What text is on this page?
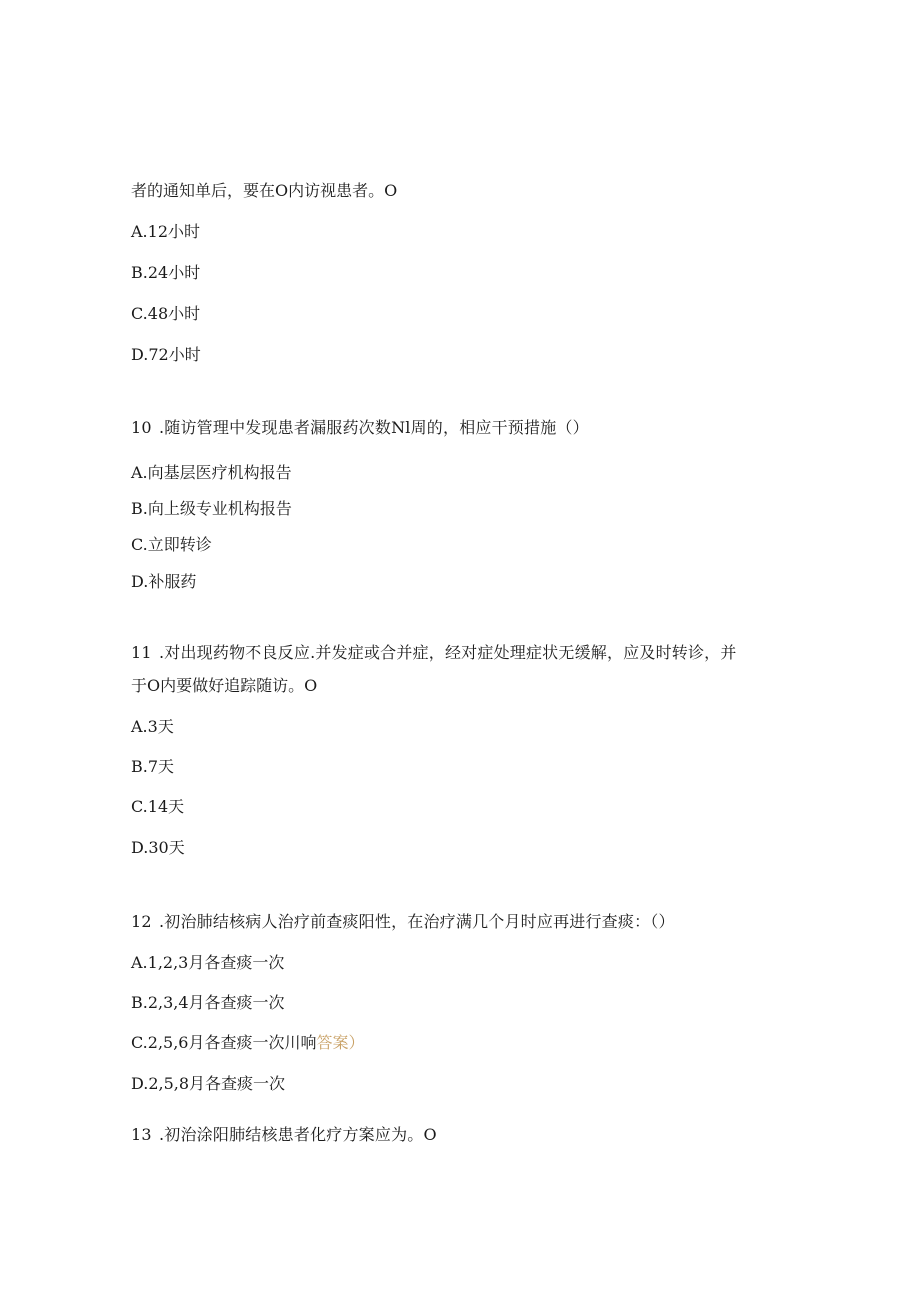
者的通知单后，要在O内访视患者。O
A.12小时
B.24小时
C.48小时
D.72小时
10 .随访管理中发现患者漏服药次数Nl周的，相应干预措施（）
A.向基层医疗机构报告
B.向上级专业机构报告
C.立即转诊
D.补服药
11 .对出现药物不良反应.并发症或合并症，经对症处理症状无缓解，应及时转诊，并
于O内要做好追踪随访。O
A.3天
B.7天
C.14天
D.30天
12 .初治肺结核病人治疗前查痰阳性，在治疗满几个月时应再进行查痰：（）
A.1,2,3月各查痰一次
B.2,3,4月各查痰一次
C.2,5,6月各查痰一次川响答案）
D.2,5,8月各查痰一次
13 .初治涂阳肺结核患者化疗方案应为。O
